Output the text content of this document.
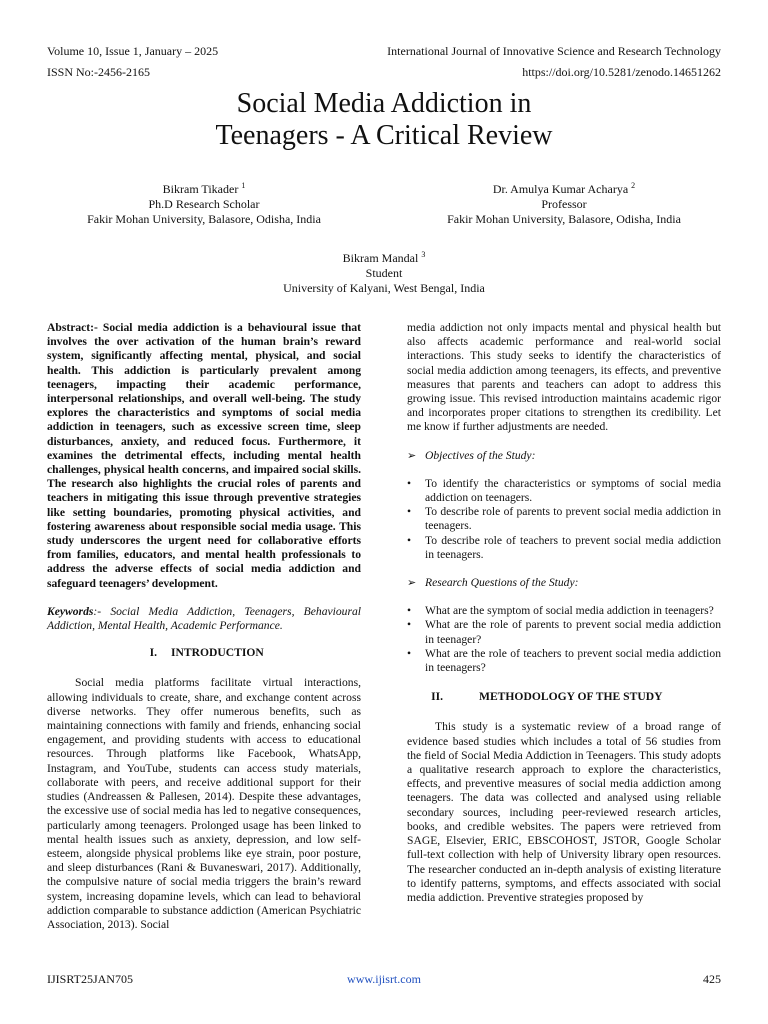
Volume 10, Issue 1, January – 2025	International Journal of Innovative Science and Research Technology
ISSN No:-2456-2165	https://doi.org/10.5281/zenodo.14651262
Social Media Addiction in
Teenagers - A Critical Review
Bikram Tikader $^1$
Ph.D Research Scholar
Fakir Mohan University, Balasore, Odisha, India
Dr. Amulya Kumar Acharya $^2$
Professor
Fakir Mohan University, Balasore, Odisha, India
Bikram Mandal $^3$
Student
University of Kalyani, West Bengal, India

Abstract:- Social media addiction is a behavioural issue that involves the over activation of the human brain’s reward system, significantly affecting mental, physical, and social health. This addiction is particularly prevalent among teenagers, impacting their academic performance, interpersonal relationships, and overall well-being. The study explores the characteristics and symptoms of social media addiction in teenagers, such as excessive screen time, sleep disturbances, anxiety, and reduced focus. Furthermore, it examines the detrimental effects, including mental health challenges, physical health concerns, and impaired social skills. The research also highlights the crucial roles of parents and teachers in mitigating this issue through preventive strategies like setting boundaries, promoting physical activities, and fostering awareness about responsible social media usage. This study underscores the urgent need for collaborative efforts from families, educators, and mental health professionals to address the adverse effects of social media addiction and safeguard teenagers’ development.

Keywords:- Social Media Addiction, Teenagers, Behavioural Addiction, Mental Health, Academic Performance.

I.	INTRODUCTION

Social media platforms facilitate virtual interactions, allowing individuals to create, share, and exchange content across diverse networks. They offer numerous benefits, such as maintaining connections with family and friends, enhancing social engagement, and providing students with access to educational resources. Through platforms like Facebook, WhatsApp, Instagram, and YouTube, students can access study materials, collaborate with peers, and receive additional support for their studies (Andreassen & Pallesen, 2014). Despite these advantages, the excessive use of social media has led to negative consequences, particularly among teenagers. Prolonged usage has been linked to mental health issues such as anxiety, depression, and low self-esteem, alongside physical problems like eye strain, poor posture, and sleep disturbances (Rani & Buvaneswari, 2017). Additionally, the compulsive nature of social media triggers the brain’s reward system, increasing dopamine levels, which can lead to behavioral addiction comparable to substance addiction (American Psychiatric Association, 2013). Social

media addiction not only impacts mental and physical health but also affects academic performance and real-world social interactions. This study seeks to identify the characteristics of social media addiction among teenagers, its effects, and preventive measures that parents and teachers can adopt to address this growing issue. This revised introduction maintains academic rigor and incorporates proper citations to strengthen its credibility. Let me know if further adjustments are needed.

➢ Objectives of the Study:
• To identify the characteristics or symptoms of social media addiction on teenagers.
• To describe role of parents to prevent social media addiction in teenagers.
• To describe role of teachers to prevent social media addiction in teenagers.
➢ Research Questions of the Study:
• What are the symptom of social media addiction in teenagers?
• What are the role of parents to prevent social media addiction in teenager?
• What are the role of teachers to prevent social media addiction in teenagers?
II.	METHODOLOGY OF THE STUDY

This study is a systematic review of a broad range of evidence based studies which includes a total of 56 studies from the field of Social Media Addiction in Teenagers. This study adopts a qualitative research approach to explore the characteristics, effects, and preventive measures of social media addiction among teenagers. The data was collected and analysed using reliable secondary sources, including peer-reviewed research articles, books, and credible websites. The papers were retrieved from SAGE, Elsevier, ERIC, EBSCOHOST, JSTOR, Google Scholar full-text collection with help of University library open resources. The researcher conducted an in-depth analysis of existing literature to identify patterns, symptoms, and effects associated with social media addiction. Preventive strategies proposed by

IJISRT25JAN705	www.ijisrt.com	425
